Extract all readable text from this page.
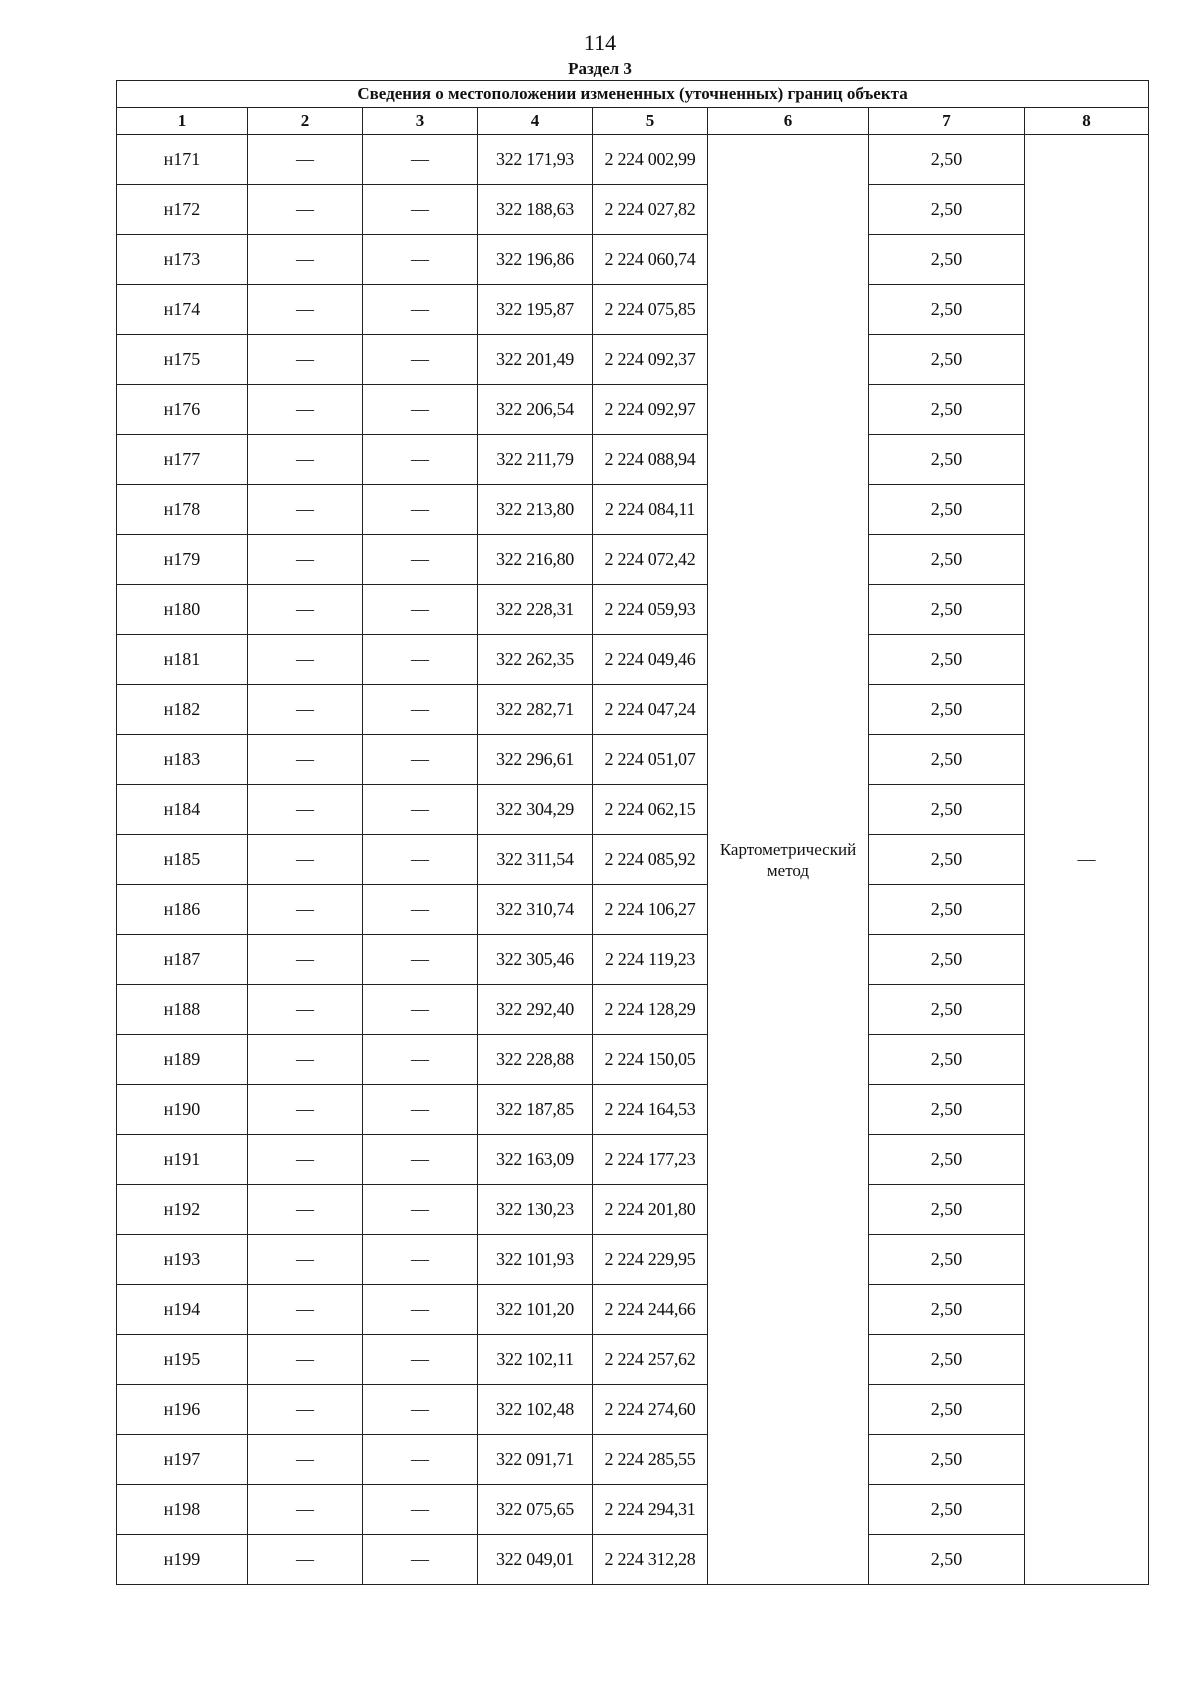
114
Раздел 3
Сведения о местоположении измененных (уточненных) границ объекта							
1	2	3	4	5	6	7	8
н171	—	—	322 171,93	2 224 002,99	Картометрический метод	2,50	—
н172	—	—	322 188,63	2 224 027,82		2,50	
н173	—	—	322 196,86	2 224 060,74		2,50	
н174	—	—	322 195,87	2 224 075,85		2,50	
н175	—	—	322 201,49	2 224 092,37		2,50	
н176	—	—	322 206,54	2 224 092,97		2,50	
н177	—	—	322 211,79	2 224 088,94		2,50	
н178	—	—	322 213,80	2 224 084,11		2,50	
н179	—	—	322 216,80	2 224 072,42		2,50	
н180	—	—	322 228,31	2 224 059,93		2,50	
н181	—	—	322 262,35	2 224 049,46		2,50	
н182	—	—	322 282,71	2 224 047,24		2,50	
н183	—	—	322 296,61	2 224 051,07		2,50	
н184	—	—	322 304,29	2 224 062,15		2,50	
н185	—	—	322 311,54	2 224 085,92		2,50	
н186	—	—	322 310,74	2 224 106,27		2,50	
н187	—	—	322 305,46	2 224 119,23		2,50	
н188	—	—	322 292,40	2 224 128,29		2,50	
н189	—	—	322 228,88	2 224 150,05		2,50	
н190	—	—	322 187,85	2 224 164,53		2,50	
н191	—	—	322 163,09	2 224 177,23		2,50	
н192	—	—	322 130,23	2 224 201,80		2,50	
н193	—	—	322 101,93	2 224 229,95		2,50	
н194	—	—	322 101,20	2 224 244,66		2,50	
н195	—	—	322 102,11	2 224 257,62		2,50	
н196	—	—	322 102,48	2 224 274,60		2,50	
н197	—	—	322 091,71	2 224 285,55		2,50	
н198	—	—	322 075,65	2 224 294,31		2,50	
н199	—	—	322 049,01	2 224 312,28		2,50	
